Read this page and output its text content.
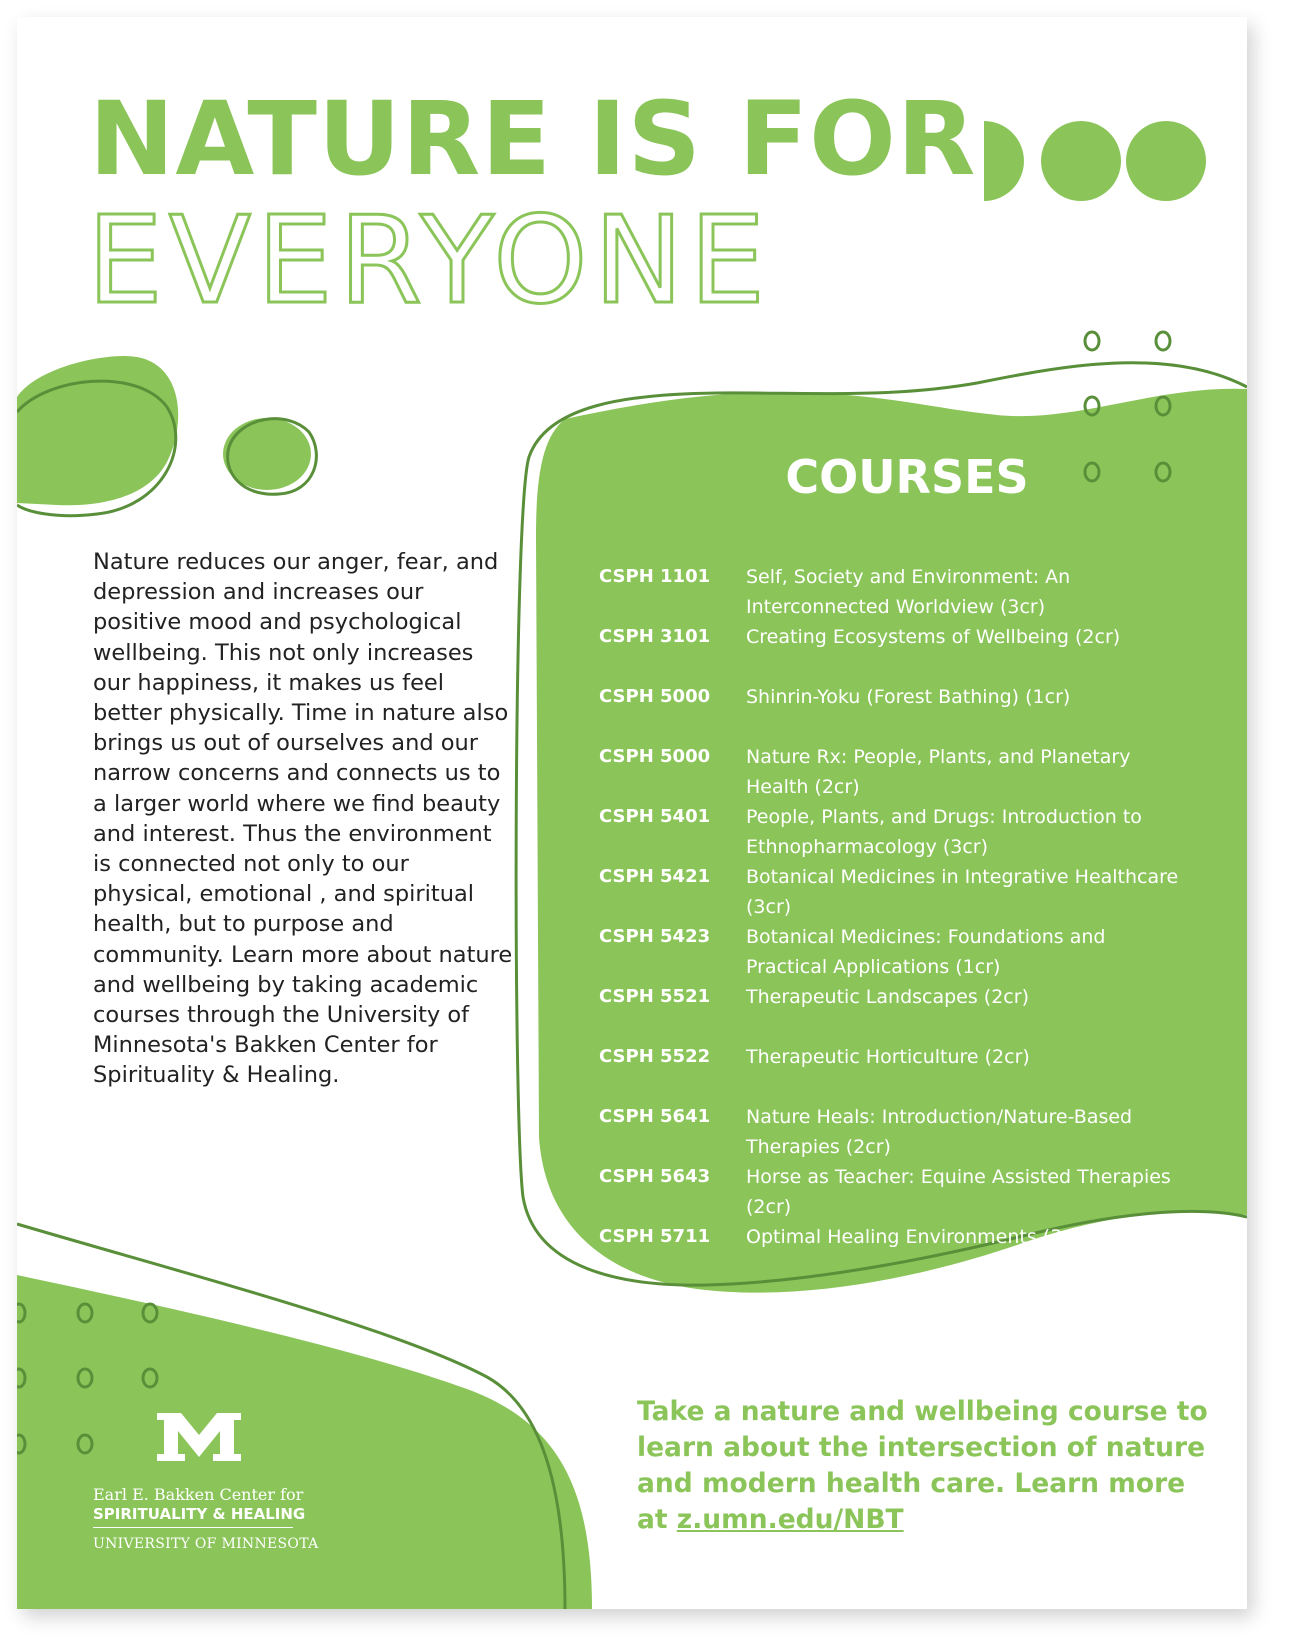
NATURE IS FOR
EVERYONE

Nature reduces our anger, fear, and depression and increases our positive mood and psychological wellbeing. This not only increases our happiness, it makes us feel better physically. Time in nature also brings us out of ourselves and our narrow concerns and connects us to a larger world where we find beauty and interest. Thus the environment is connected not only to our physical, emotional , and spiritual health, but to purpose and community. Learn more about nature and wellbeing by taking academic courses through the University of Minnesota's Bakken Center for Spirituality & Healing.

COURSES
CSPH 1101	Self, Society and Environment: An Interconnected Worldview (3cr)
CSPH 3101	Creating Ecosystems of Wellbeing (2cr)
CSPH 5000	Shinrin-Yoku (Forest Bathing) (1cr)
CSPH 5000	Nature Rx: People, Plants, and Planetary Health (2cr)
CSPH 5401	People, Plants, and Drugs: Introduction to Ethnopharmacology (3cr)
CSPH 5421	Botanical Medicines in Integrative Healthcare (3cr)
CSPH 5423	Botanical Medicines: Foundations and Practical Applications (1cr)
CSPH 5521	Therapeutic Landscapes (2cr)
CSPH 5522	Therapeutic Horticulture (2cr)
CSPH 5641	Nature Heals: Introduction/Nature-Based Therapies (2cr)
CSPH 5643	Horse as Teacher: Equine Assisted Therapies (2cr)
CSPH 5711	Optimal Healing Environments (3cr)

Take a nature and wellbeing course to learn about the intersection of nature and modern health care. Learn more at z.umn.edu/NBT

Earl E. Bakken Center for

SPIRITUALITY & HEALING

UNIVERSITY OF MINNESOTA
